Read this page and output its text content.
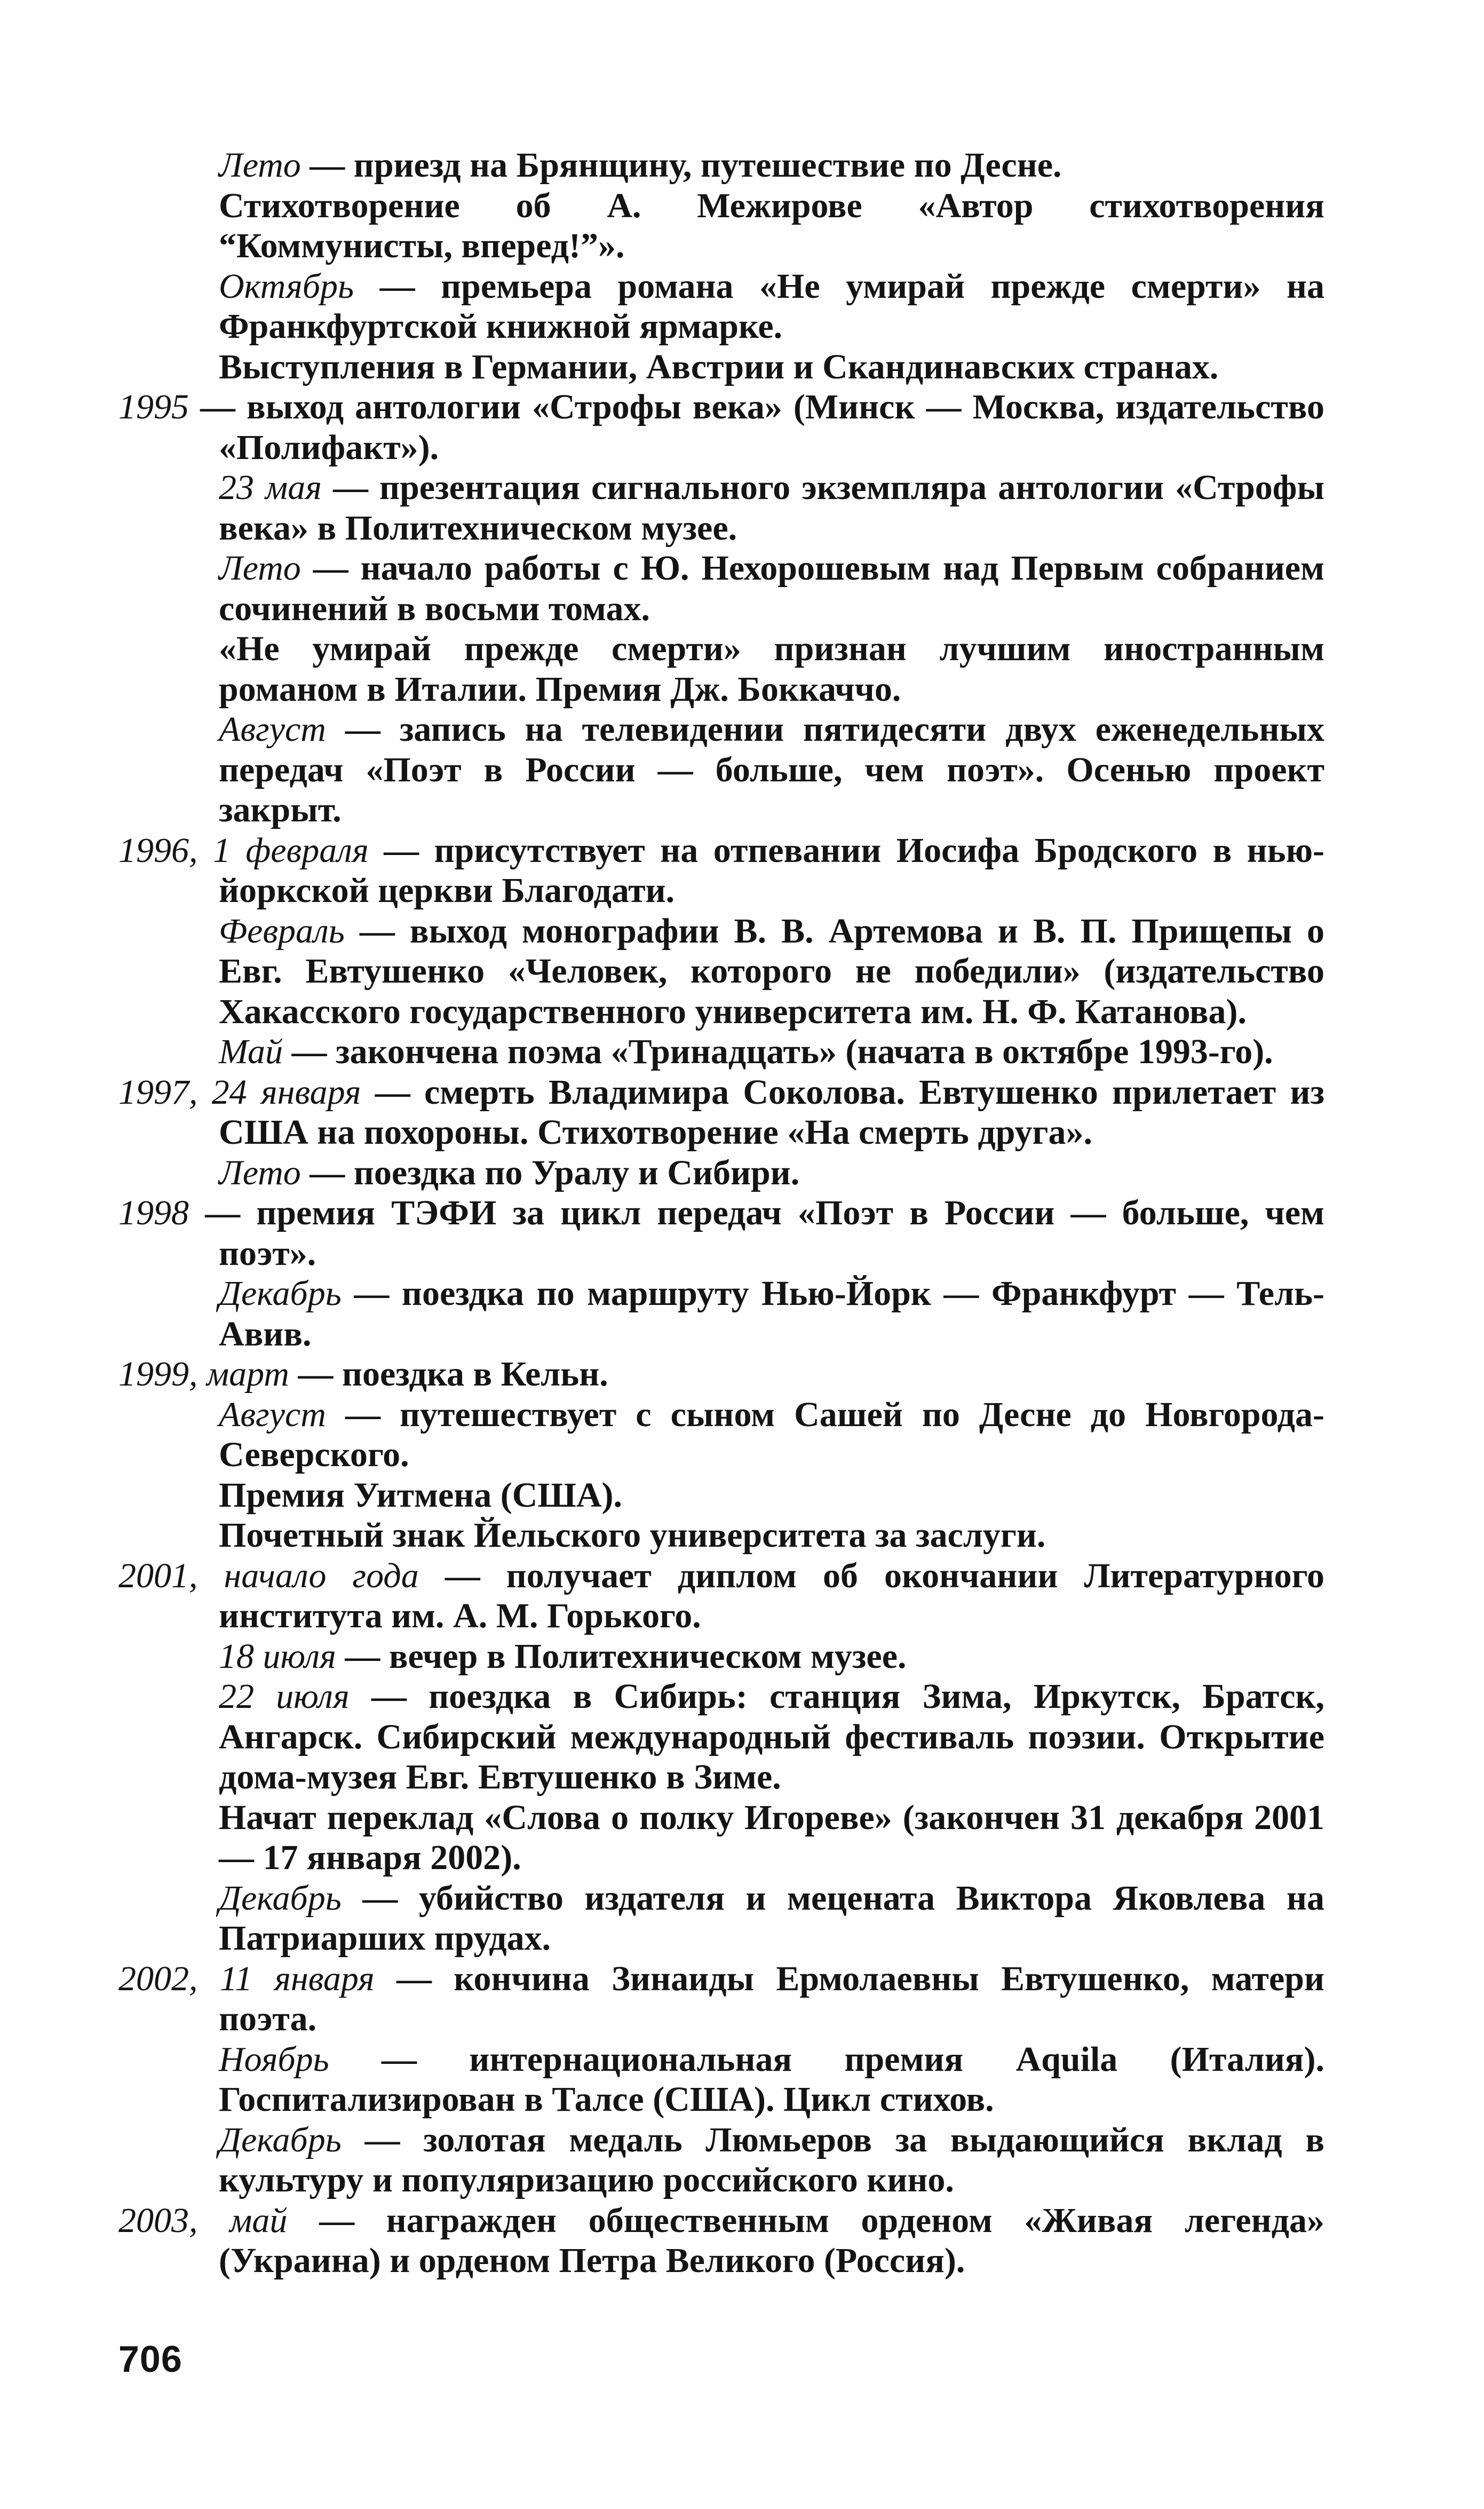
Лето — приезд на Брянщину, путешествие по Десне.

Стихотворение об А. Межирове «Автор стихотворения “Коммунисты, вперед!”».

Октябрь — премьера романа «Не умирай прежде смерти» на Франкфуртской книжной ярмарке.

Выступления в Германии, Австрии и Скандинавских странах.

1995 — выход антологии «Строфы века» (Минск — Москва, издательство «Полифакт»).

23 мая — презентация сигнального экземпляра антологии «Строфы века» в Политехническом музее.

Лето — начало работы с Ю. Нехорошевым над Первым собранием сочинений в восьми томах.

«Не умирай прежде смерти» признан лучшим иностранным романом в Италии. Премия Дж. Боккаччо.

Август — запись на телевидении пятидесяти двух еженедельных передач «Поэт в России — больше, чем поэт». Осенью проект закрыт.

1996, 1 февраля — присутствует на отпевании Иосифа Бродского в нью-йоркской церкви Благодати.

Февраль — выход монографии В. В. Артемова и В. П. Прищепы о Евг. Евтушенко «Человек, которого не победили» (издательство Хакасского государственного университета им. Н. Ф. Катанова).

Май — закончена поэма «Тринадцать» (начата в октябре 1993-го).

1997, 24 января — смерть Владимира Соколова. Евтушенко прилетает из США на похороны. Стихотворение «На смерть друга».

Лето — поездка по Уралу и Сибири.

1998 — премия ТЭФИ за цикл передач «Поэт в России — больше, чем поэт».

Декабрь — поездка по маршруту Нью-Йорк — Франкфурт — Тель-Авив.

1999, март — поездка в Кельн.

Август — путешествует с сыном Сашей по Десне до Новгорода-Северского.

Премия Уитмена (США).

Почетный знак Йельского университета за заслуги.

2001, начало года — получает диплом об окончании Литературного института им. А. М. Горького.

18 июля — вечер в Политехническом музее.

22 июля — поездка в Сибирь: станция Зима, Иркутск, Братск, Ангарск. Сибирский международный фестиваль поэзии. Открытие дома-музея Евг. Евтушенко в Зиме.

Начат переклад «Слова о полку Игореве» (закончен 31 декабря 2001 — 17 января 2002).

Декабрь — убийство издателя и мецената Виктора Яковлева на Патриарших прудах.

2002, 11 января — кончина Зинаиды Ермолаевны Евтушенко, матери поэта.

Ноябрь — интернациональная премия Aquila (Италия). Госпитализирован в Талсе (США). Цикл стихов.

Декабрь — золотая медаль Люмьеров за выдающийся вклад в культуру и популяризацию российского кино.

2003, май — награжден общественным орденом «Живая легенда» (Украина) и орденом Петра Великого (Россия).

706
